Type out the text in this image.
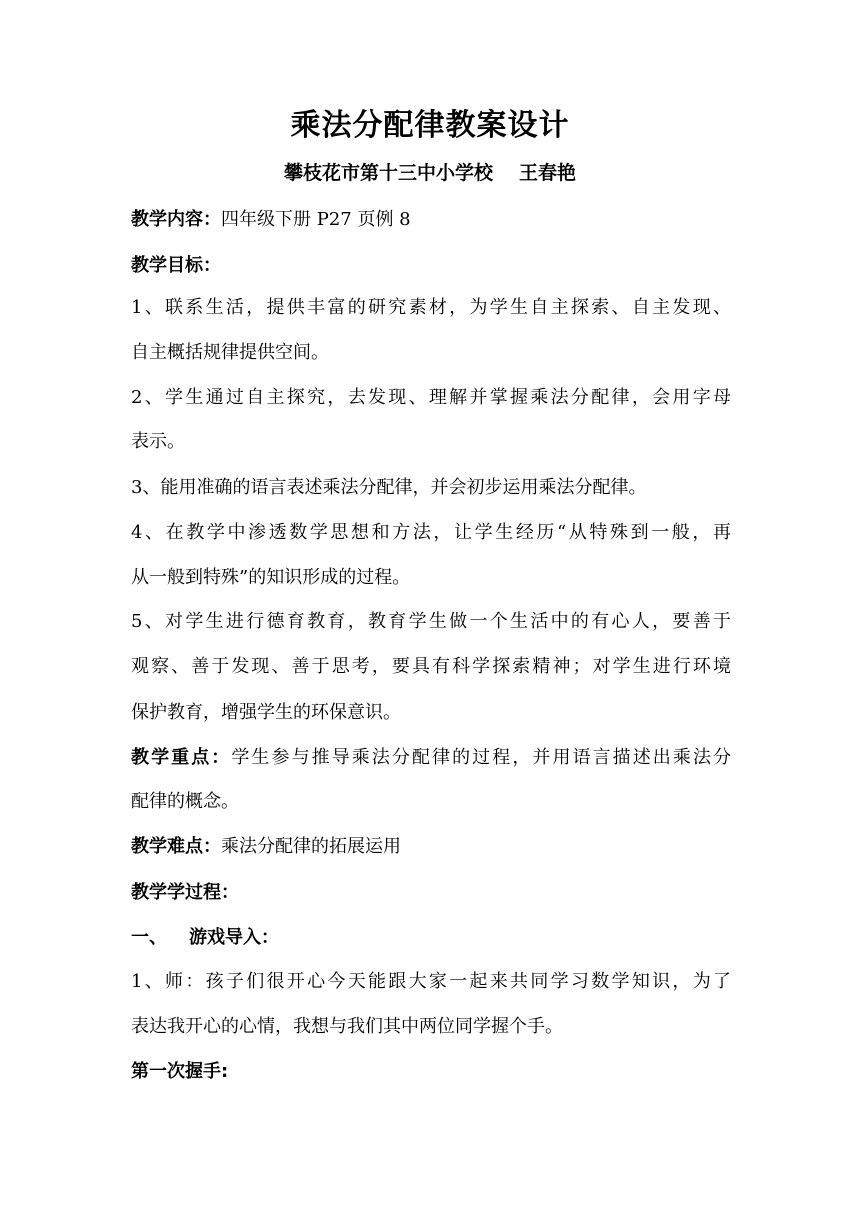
乘法分配律教案设计
攀枝花市第十三中小学校 王春艳
教学内容：四年级下册 P27 页例 8
教学目标：
1、联系生活，提供丰富的研究素材，为学生自主探索、自主发现、
自主概括规律提供空间。
2、学生通过自主探究，去发现、理解并掌握乘法分配律，会用字母
表示。
3、能用准确的语言表述乘法分配律，并会初步运用乘法分配律。
4、在教学中渗透数学思想和方法，让学生经历“从特殊到一般，再
从一般到特殊”的知识形成的过程。
5、对学生进行德育教育，教育学生做一个生活中的有心人，要善于
观察、善于发现、善于思考，要具有科学探索精神；对学生进行环境
保护教育，增强学生的环保意识。
教学重点：学生参与推导乘法分配律的过程，并用语言描述出乘法分
配律的概念。
教学难点：乘法分配律的拓展运用
教学学过程：
一、 游戏导入：
1、师：孩子们很开心今天能跟大家一起来共同学习数学知识，为了
表达我开心的心情，我想与我们其中两位同学握个手。
第一次握手:
